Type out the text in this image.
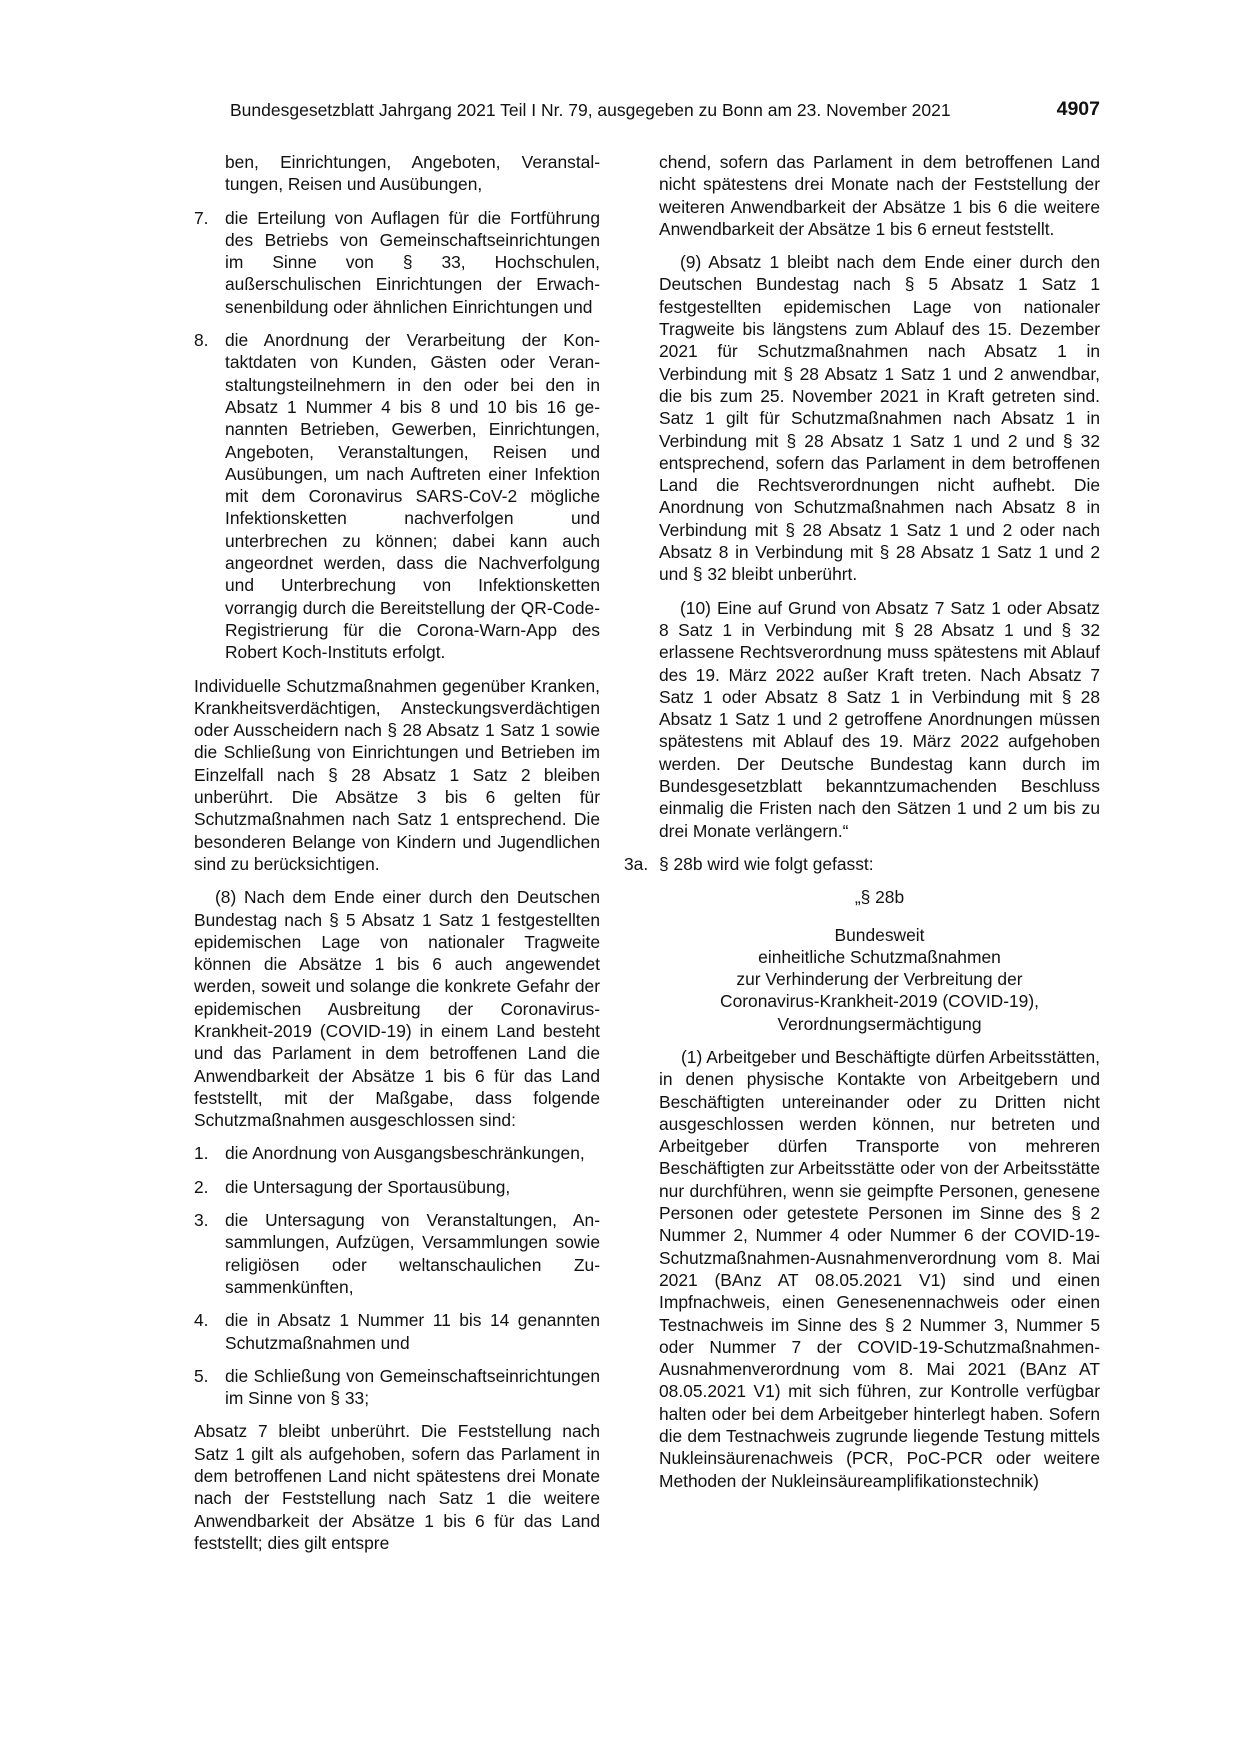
Bundesgesetzblatt Jahrgang 2021 Teil I Nr. 79, ausgegeben zu Bonn am 23. November 2021	4907

ben, Einrichtungen, Angeboten, Veranstaltungen, Reisen und Ausübungen,

7. die Erteilung von Auflagen für die Fortführung des Betriebs von Gemeinschaftseinrichtungen im Sinne von § 33, Hochschulen, außerschulischen Einrichtungen der Erwachsenenbildung oder ähnlichen Einrichtungen und
8. die Anordnung der Verarbeitung der Kontaktdaten von Kunden, Gästen oder Veranstaltungsteilnehmern in den oder bei den in Absatz 1 Nummer 4 bis 8 und 10 bis 16 genannten Betrieben, Gewerben, Einrichtungen, Angeboten, Veranstaltungen, Reisen und Ausübungen, um nach Auftreten einer Infektion mit dem Coronavirus SARS-CoV-2 mögliche Infektionsketten nachverfolgen und unterbrechen zu können; dabei kann auch angeordnet werden, dass die Nachverfolgung und Unterbrechung von Infektionsketten vorrangig durch die Bereitstellung der QR-Code-Registrierung für die Corona-Warn-App des Robert Koch-Instituts erfolgt.

Individuelle Schutzmaßnahmen gegenüber Kranken, Krankheitsverdächtigen, Ansteckungsverdächtigen oder Ausscheidern nach § 28 Absatz 1 Satz 1 sowie die Schließung von Einrichtungen und Betrieben im Einzelfall nach § 28 Absatz 1 Satz 2 bleiben unberührt. Die Absätze 3 bis 6 gelten für Schutzmaßnahmen nach Satz 1 entsprechend. Die besonderen Belange von Kindern und Jugendlichen sind zu berücksichtigen.

(8) Nach dem Ende einer durch den Deutschen Bundestag nach § 5 Absatz 1 Satz 1 festgestellten epidemischen Lage von nationaler Tragweite können die Absätze 1 bis 6 auch angewendet werden, soweit und solange die konkrete Gefahr der epidemischen Ausbreitung der Coronavirus-Krankheit-2019 (COVID-19) in einem Land besteht und das Parlament in dem betroffenen Land die Anwendbarkeit der Absätze 1 bis 6 für das Land feststellt, mit der Maßgabe, dass folgende Schutzmaßnahmen ausgeschlossen sind:

1. die Anordnung von Ausgangsbeschränkungen,
2. die Untersagung der Sportausübung,
3. die Untersagung von Veranstaltungen, Ansammlungen, Aufzügen, Versammlungen sowie religiösen oder weltanschaulichen Zusammenkünften,
4. die in Absatz 1 Nummer 11 bis 14 genannten Schutzmaßnahmen und
5. die Schließung von Gemeinschaftseinrichtungen im Sinne von § 33;

Absatz 7 bleibt unberührt. Die Feststellung nach Satz 1 gilt als aufgehoben, sofern das Parlament in dem betroffenen Land nicht spätestens drei Monate nach der Feststellung nach Satz 1 die weitere Anwendbarkeit der Absätze 1 bis 6 für das Land feststellt; dies gilt entspre

chend, sofern das Parlament in dem betroffenen Land nicht spätestens drei Monate nach der Feststellung der weiteren Anwendbarkeit der Absätze 1 bis 6 die weitere Anwendbarkeit der Absätze 1 bis 6 erneut feststellt.

(9) Absatz 1 bleibt nach dem Ende einer durch den Deutschen Bundestag nach § 5 Absatz 1 Satz 1 festgestellten epidemischen Lage von nationaler Tragweite bis längstens zum Ablauf des 15. Dezember 2021 für Schutzmaßnahmen nach Absatz 1 in Verbindung mit § 28 Absatz 1 Satz 1 und 2 anwendbar, die bis zum 25. November 2021 in Kraft getreten sind. Satz 1 gilt für Schutzmaßnahmen nach Absatz 1 in Verbindung mit § 28 Absatz 1 Satz 1 und 2 und § 32 entsprechend, sofern das Parlament in dem betroffenen Land die Rechtsverordnungen nicht aufhebt. Die Anordnung von Schutzmaßnahmen nach Absatz 8 in Verbindung mit § 28 Absatz 1 Satz 1 und 2 oder nach Absatz 8 in Verbindung mit § 28 Absatz 1 Satz 1 und 2 und § 32 bleibt unberührt.

(10) Eine auf Grund von Absatz 7 Satz 1 oder Absatz 8 Satz 1 in Verbindung mit § 28 Absatz 1 und § 32 erlassene Rechtsverordnung muss spätestens mit Ablauf des 19. März 2022 außer Kraft treten. Nach Absatz 7 Satz 1 oder Absatz 8 Satz 1 in Verbindung mit § 28 Absatz 1 Satz 1 und 2 getroffene Anordnungen müssen spätestens mit Ablauf des 19. März 2022 aufgehoben werden. Der Deutsche Bundestag kann durch im Bundesgesetzblatt bekanntzumachenden Beschluss einmalig die Fristen nach den Sätzen 1 und 2 um bis zu drei Monate verlängern.“

3a. § 28b wird wie folgt gefasst:

„§ 28b

Bundesweit
einheitliche Schutzmaßnahmen
zur Verhinderung der Verbreitung der
Coronavirus-Krankheit-2019 (COVID-19),
Verordnungsermächtigung

(1) Arbeitgeber und Beschäftigte dürfen Arbeitsstätten, in denen physische Kontakte von Arbeitgebern und Beschäftigten untereinander oder zu Dritten nicht ausgeschlossen werden können, nur betreten und Arbeitgeber dürfen Transporte von mehreren Beschäftigten zur Arbeitsstätte oder von der Arbeitsstätte nur durchführen, wenn sie geimpfte Personen, genesene Personen oder getestete Personen im Sinne des § 2 Nummer 2, Nummer 4 oder Nummer 6 der COVID-19-Schutzmaßnahmen-Ausnahmenverordnung vom 8. Mai 2021 (BAnz AT 08.05.2021 V1) sind und einen Impfnachweis, einen Genesenennachweis oder einen Testnachweis im Sinne des § 2 Nummer 3, Nummer 5 oder Nummer 7 der COVID-19-Schutzmaßnahmen-Ausnahmenverordnung vom 8. Mai 2021 (BAnz AT 08.05.2021 V1) mit sich führen, zur Kontrolle verfügbar halten oder bei dem Arbeitgeber hinterlegt haben. Sofern die dem Testnachweis zugrunde liegende Testung mittels Nukleinsäurenachweis (PCR, PoC-PCR oder weitere Methoden der Nukleinsäureamplifikationstechnik)
